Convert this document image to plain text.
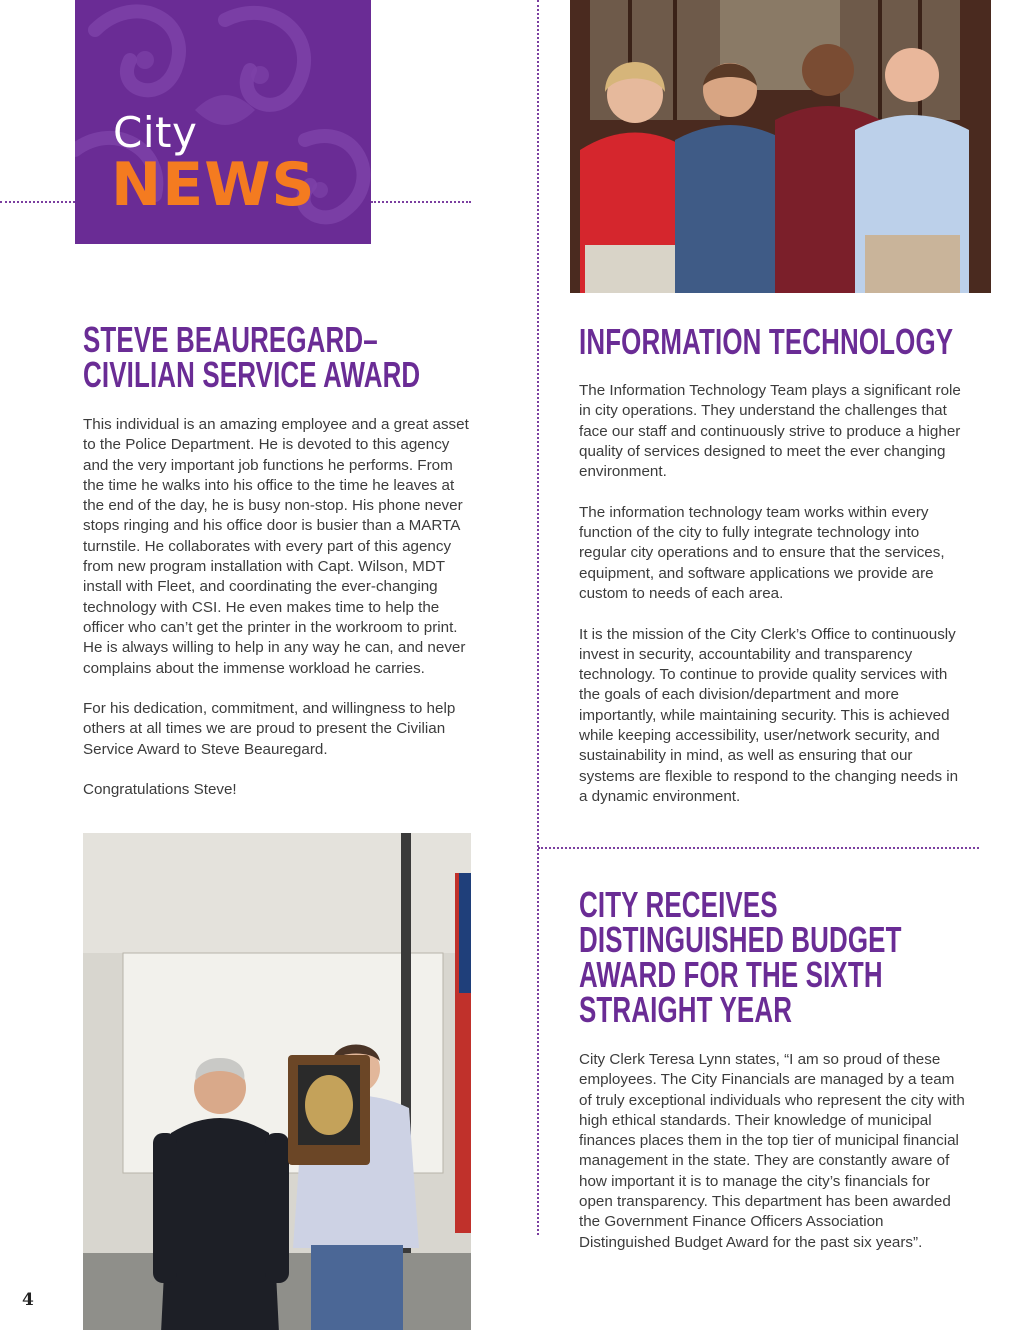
City
NEWS
STEVE BEAUREGARD–
CIVILIAN SERVICE AWARD

This individual is an amazing employee and a great asset to the Police Department. He is devoted to this agency and the very important job functions he performs. From the time he walks into his office to the time he leaves at the end of the day, he is busy non-stop. His phone never stops ringing and his office door is busier than a MARTA turnstile. He collaborates with every part of this agency from new program installation with Capt. Wilson, MDT install with Fleet, and coordinating the ever-changing technology with CSI. He even makes time to help the officer who can’t get the printer in the workroom to print. He is always willing to help in any way he can, and never complains about the immense workload he carries.

For his dedication, commitment, and willingness to help others at all times we are proud to present the Civilian Service Award to Steve Beauregard.

Congratulations Steve!

INFORMATION TECHNOLOGY

The Information Technology Team plays a significant role in city operations. They understand the challenges that face our staff and continuously strive to produce a higher quality of services designed to meet the ever changing environment.

The information technology team works within every function of the city to fully integrate technology into regular city operations and to ensure that the services, equipment, and software applications we provide are custom to needs of each area.

It is the mission of the City Clerk’s Office to continuously invest in security, accountability and transparency technology. To continue to provide quality services with the goals of each division/department and more importantly, while maintaining security. This is achieved while keeping accessibility, user/network security, and sustainability in mind, as well as ensuring that our systems are flexible to respond to the changing needs in a dynamic environment.

CITY RECEIVES
DISTINGUISHED BUDGET
AWARD FOR THE SIXTH
STRAIGHT YEAR

City Clerk Teresa Lynn states, “I am so proud of these employees. The City Financials are managed by a team of truly exceptional individuals who represent the city with high ethical standards. Their knowledge of municipal finances places them in the top tier of municipal financial management in the state. They are constantly aware of how important it is to manage the city’s financials for open transparency. This department has been awarded the Government Finance Officers Association Distinguished Budget Award for the past six years”.

4
